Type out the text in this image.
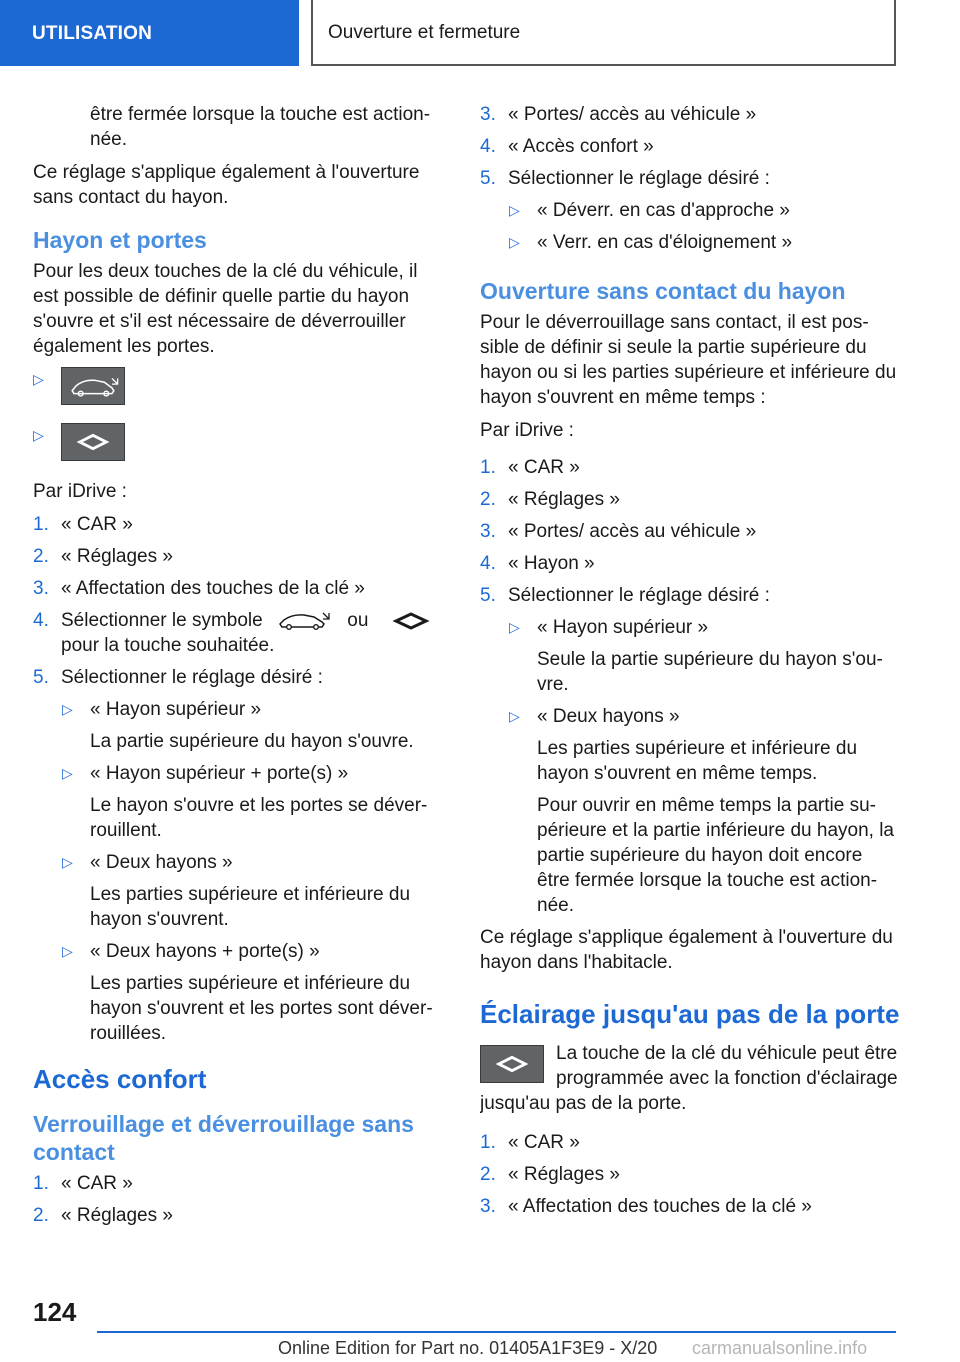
UTILISATION	Ouverture et fermeture

être fermée lorsque la touche est action‐née.

Ce réglage s'applique également à l'ouverture sans contact du hayon.

Hayon et portes

Pour les deux touches de la clé du véhicule, il est possible de définir quelle partie du hayon s'ouvre et s'il est nécessaire de déverrouiller également les portes.

▷
▷

Par iDrive :

1. « CAR »
2. « Réglages »
3. « Affectation des touches de la clé »
4. Sélectionner le symbole	ou
pour la touche souhaitée.
5. Sélectionner le réglage désiré :
▷ « Hayon supérieur »
La partie supérieure du hayon s'ouvre.
▷ « Hayon supérieur + porte(s) »
Le hayon s'ouvre et les portes se déver‐rouillent.
▷ « Deux hayons »
Les parties supérieure et inférieure du hayon s'ouvrent.
▷ « Deux hayons + porte(s) »
Les parties supérieure et inférieure du hayon s'ouvrent et les portes sont déver‐rouillées.
Accès confort
Verrouillage et déverrouillage sans contact
1. « CAR »
2. « Réglages »
3. « Portes/ accès au véhicule »
4. « Accès confort »
5. Sélectionner le réglage désiré :
▷ « Déverr. en cas d'approche »
▷ « Verr. en cas d'éloignement »
Ouverture sans contact du hayon

Pour le déverrouillage sans contact, il est pos‐sible de définir si seule la partie supérieure du hayon ou si les parties supérieure et inférieure du hayon s'ouvrent en même temps :

Par iDrive :

1. « CAR »
2. « Réglages »
3. « Portes/ accès au véhicule »
4. « Hayon »
5. Sélectionner le réglage désiré :
▷ « Hayon supérieur »
Seule la partie supérieure du hayon s'ou‐vre.
▷ « Deux hayons »
Les parties supérieure et inférieure du hayon s'ouvrent en même temps.
Pour ouvrir en même temps la partie su‐périeure et la partie inférieure du hayon, la partie supérieure du hayon doit encore être fermée lorsque la touche est action‐née.

Ce réglage s'applique également à l'ouverture du hayon dans l'habitacle.

Éclairage jusqu'au pas de la porte
La touche de la clé du véhicule peut être programmée avec la fonction d'éclairage jusqu'au pas de la porte.
1. « CAR »
2. « Réglages »
3. « Affectation des touches de la clé »
124
Online Edition for Part no. 01405A1F3E9 - X/20 carmanualsonline.info
